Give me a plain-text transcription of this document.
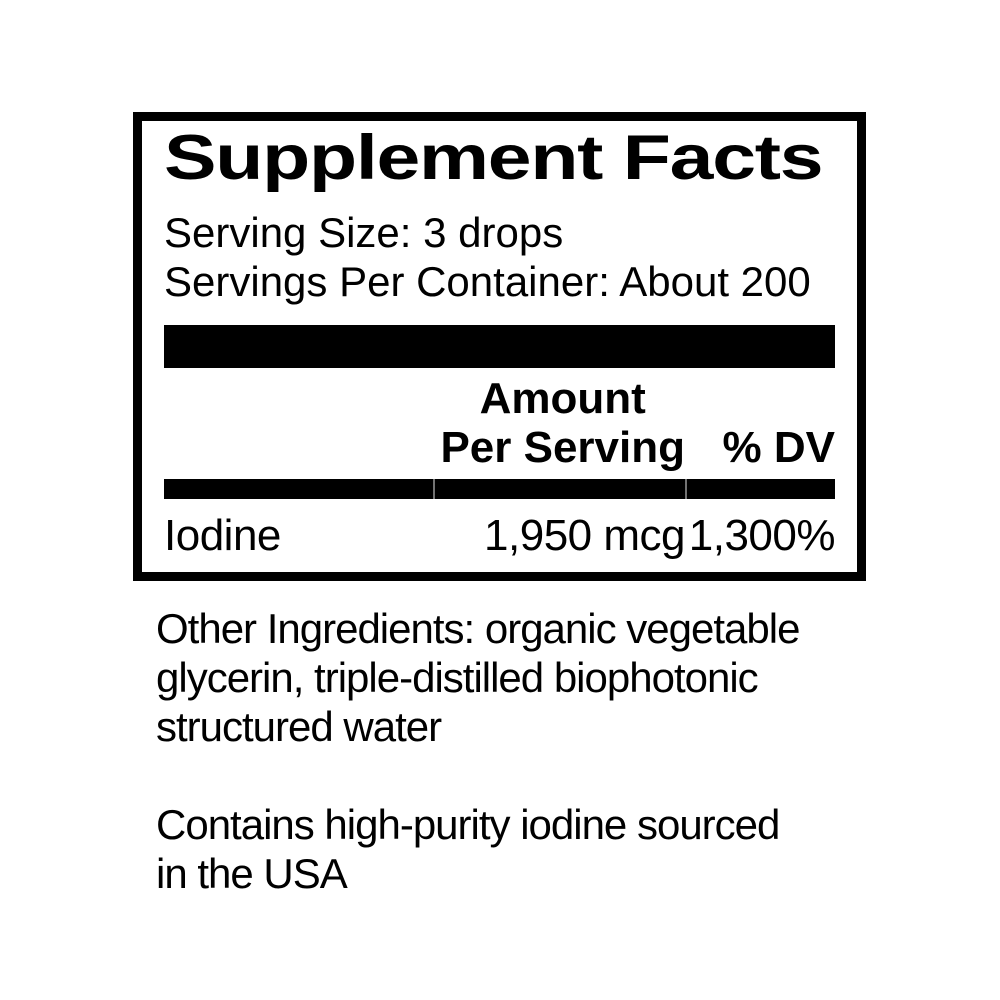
Supplement Facts
Serving Size: 3 drops
Servings Per Container: About 200
Amount
Per Serving % DV
Iodine	1,950 mcg 1,300%
Other Ingredients: organic vegetable
glycerin, triple-distilled biophotonic
structured water
Contains high-purity iodine sourced
in the USA
